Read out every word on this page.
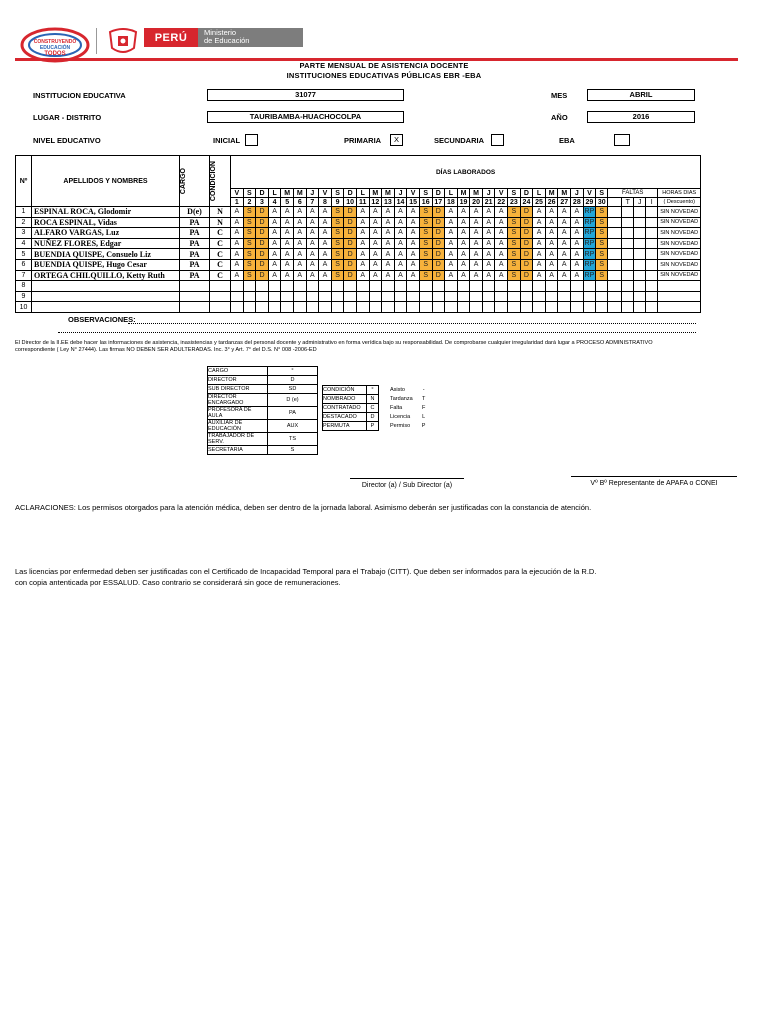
CONSTRUYENDO
EDUCACIÓN
TODOS
PERÚ	Ministerio
de Educación
PARTE MENSUAL DE ASISTENCIA DOCENTE
INSTITUCIONES EDUCATIVAS PÚBLICAS EBR -EBA
INSTITUCION EDUCATIVA	31077	MES	ABRIL
LUGAR - DISTRITO	TAURIBAMBA-HUACHOCOLPA	AÑO	2016
NIVEL EDUCATIVO	INICIAL	PRIMARIA	X	SECUNDARIA	EBA
Nº	APELLIDOS Y NOMBRES	CARGO	CONDICIÓN	DÍAS LABORADOS																																		
				V	S	D	L	M	M	J	V	S	D	L	M	M	J	V	S	D	L	M	M	J	V	S	D	L	M	M	J	V	S	FALTAS				HORAS DIAS
				1	2	3	4	5	6	7	8	9	10	11	12	13	14	15	16	17	18	19	20	21	22	23	24	25	26	27	28	29	30		T	J	I	( Descuento)
1	ESPINAL ROCA, Glodomir	D(e)	N	A	S	D	A	A	A	A	A	S	D	A	A	A	A	A	S	D	A	A	A	A	A	S	D	A	A	A	A	RP	S					SIN NOVEDAD
2	ROCA ESPINAL, Vidas	PA	N	A	S	D	A	A	A	A	A	S	D	A	A	A	A	A	S	D	A	A	A	A	A	S	D	A	A	A	A	RP	S					SIN NOVEDAD
3	ALFARO VARGAS, Luz	PA	C	A	S	D	A	A	A	A	A	S	D	A	A	A	A	A	S	D	A	A	A	A	A	S	D	A	A	A	A	RP	S					SIN NOVEDAD
4	NUÑEZ FLORES, Edgar	PA	C	A	S	D	A	A	A	A	A	S	D	A	A	A	A	A	S	D	A	A	A	A	A	S	D	A	A	A	A	RP	S					SIN NOVEDAD
5	BUENDIA QUISPE, Consuelo Liz	PA	C	A	S	D	A	A	A	A	A	S	D	A	A	A	A	A	S	D	A	A	A	A	A	S	D	A	A	A	A	RP	S					SIN NOVEDAD
6	BUENDIA QUISPE, Hugo Cesar	PA	C	A	S	D	A	A	A	A	A	S	D	A	A	A	A	A	S	D	A	A	A	A	A	S	D	A	A	A	A	RP	S					SIN NOVEDAD
7	ORTEGA CHILQUILLO, Ketty Ruth	PA	C	A	S	D	A	A	A	A	A	S	D	A	A	A	A	A	S	D	A	A	A	A	A	S	D	A	A	A	A	RP	S					SIN NOVEDAD
8																																						
9																																						
10																																						
OBSERVACIONES:
El Director de la II.EE debe hacer las informaciones de asistencia, inasistencias y tardanzas del personal docente y administrativo en forma verídica bajo su responsabilidad. De comprobarse cualquier irregularidad dará lugar a PROCESO ADMINISTRATIVO correspondiente ( Ley N° 27444). Las firmas NO DEBEN SER ADULTERADAS. Inc. 3° y Art. 7° del D.S. N° 008 -2006-ED
CARGO	°
DIRECTOR	D
SUB DIRECTOR	SD
DIRECTOR ENCARGADO	D (e)
PROFESORA DE AULA	PA
AUXILIAR DE EDUCACIÓN	AUX
TRABAJADOR DE SERV.	TS
SECRETARIA	S
CONDICIÓN	°
NOMBRADO	N
CONTRATADO	C
DESTACADO	D
PERMUTA	P
Asisto	-
Tardanza	T
Falta	F
Licencia	L
Permiso	P
Director (a) / Sub Director (a)	Vº Bº Representante de APAFA o CONEI
ACLARACIONES: Los permisos otorgados para la atención médica, deben ser dentro de la jornada laboral. Asimismo deberán ser justificadas con la constancia de atención.
Las licencias por enfermedad deben ser justificadas con el Certificado de Incapacidad Temporal para el Trabajo (CITT). Que deben ser informados para la ejecución de la R.D.
con copia antenticada por ESSALUD. Caso contrario se considerará sin goce de remuneraciones.
